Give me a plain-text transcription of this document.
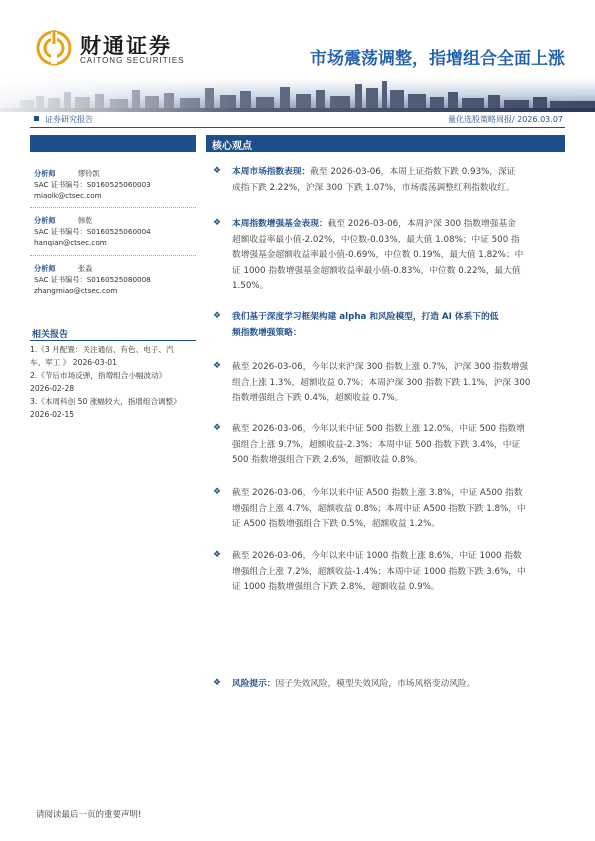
财通证券
CAITONG SECURITIES	市场震荡调整，指增组合全面上涨
证券研究报告	量化选股策略周报/ 2026.03.07
核心观点
分析师	缪铃凯
SAC 证书编号：S0160525060003
miaolk@ctsec.com
分析师	韩乾
SAC 证书编号：S0160525060004
hanqian@ctsec.com
分析师	张淼
SAC 证书编号：S0160525080008
zhangmiao@ctsec.com
相关报告
1.《3 月配置：关注通信、有色、电子、汽
车、军工 》 2026-03-01
2.《节后市场反弹，指增组合小幅波动》
2026-02-28
3.《本周科创 50 涨幅较大，指增组合调整》
2026-02-15
❖	本周市场指数表现：截至 2026-03-06，本周上证指数下跌 0.93%，深证
成指下跌 2.22%，沪深 300 下跌 1.07%，市场震荡调整红利指数收红。
❖	本周指数增强基金表现：截至 2026-03-06，本周沪深 300 指数增强基金
超额收益率最小值-2.02%，中位数-0.03%，最大值 1.08%；中证 500 指
数增强基金超额收益率最小值-0.69%，中位数 0.19%，最大值 1.82%；中
证 1000 指数增强基金超额收益率最小值-0.83%，中位数 0.22%，最大值
1.50%。
❖	我们基于深度学习框架构建 alpha 和风险模型，打造 AI 体系下的低
频指数增强策略：
❖	截至 2026-03-06，今年以来沪深 300 指数上涨 0.7%，沪深 300 指数增强
组合上涨 1.3%，超额收益 0.7%；本周沪深 300 指数下跌 1.1%，沪深 300
指数增强组合下跌 0.4%，超额收益 0.7%。
❖	截至 2026-03-06，今年以来中证 500 指数上涨 12.0%，中证 500 指数增
强组合上涨 9.7%，超额收益-2.3%；本周中证 500 指数下跌 3.4%，中证
500 指数增强组合下跌 2.6%，超额收益 0.8%。
❖	截至 2026-03-06，今年以来中证 A500 指数上涨 3.8%，中证 A500 指数
增强组合上涨 4.7%，超额收益 0.8%；本周中证 A500 指数下跌 1.8%，中
证 A500 指数增强组合下跌 0.5%，超额收益 1.2%。
❖	截至 2026-03-06，今年以来中证 1000 指数上涨 8.6%，中证 1000 指数
增强组合上涨 7.2%，超额收益-1.4%；本周中证 1000 指数下跌 3.6%，中
证 1000 指数增强组合下跌 2.8%，超额收益 0.9%。
❖	风险提示：因子失效风险，模型失效风险，市场风格变动风险。
请阅读最后一页的重要声明!
